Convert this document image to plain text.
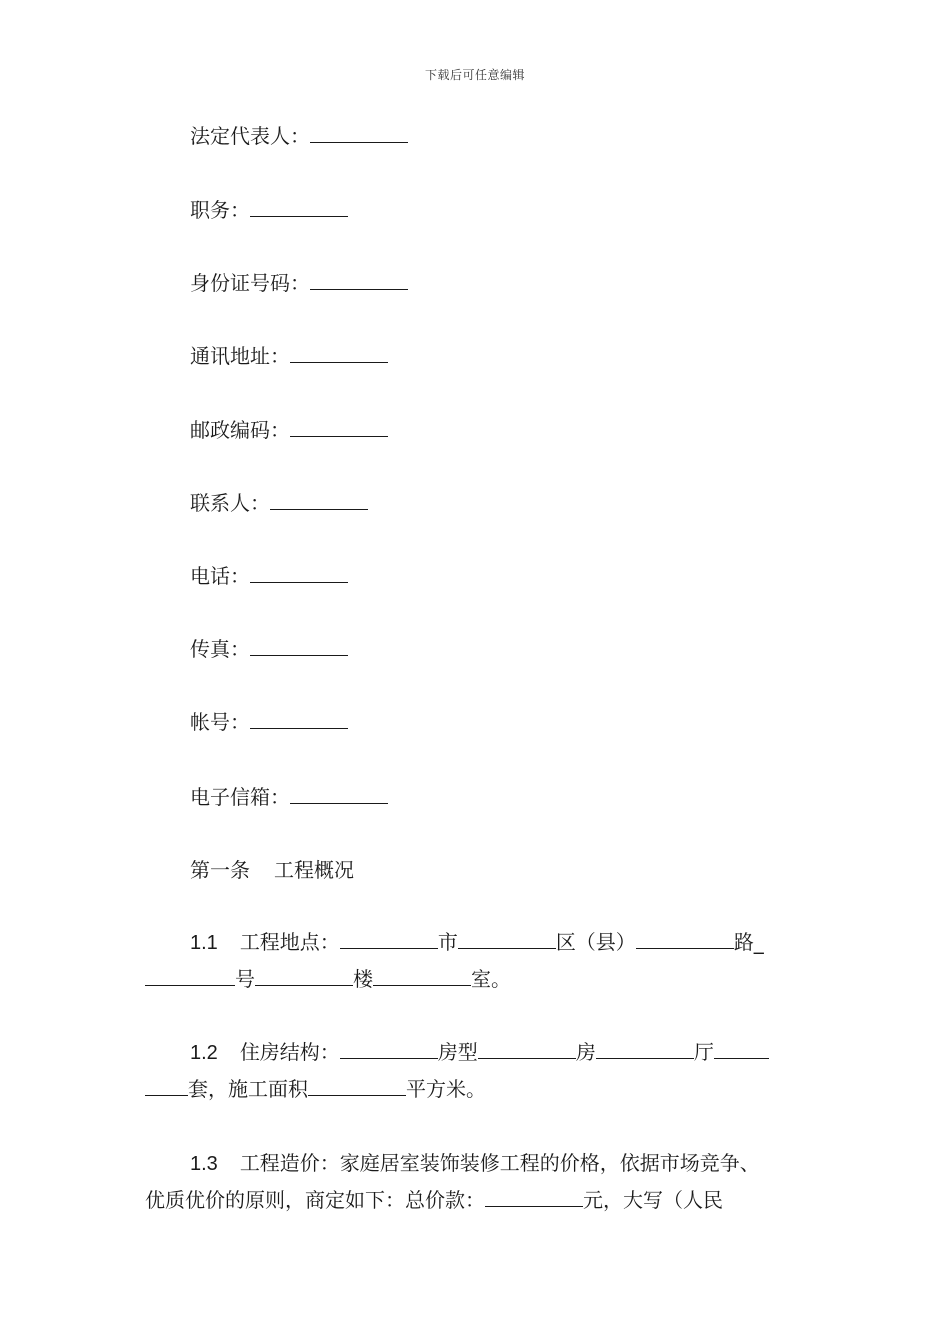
下载后可任意编辑
法定代表人：
职务：
身份证号码：
通讯地址：
邮政编码：
联系人：
电话：
传真：
帐号：
电子信箱：
第一条 工程概况
1.1 工程地点：	市	区（县）	路_
号	楼	室。
1.2 住房结构：	房型	房	厅
套，施工面积	平方米。
1.3 工程造价：家庭居室装饰装修工程的价格，依据市场竞争、
优质优价的原则，商定如下：总价款：	元，大写（人民
